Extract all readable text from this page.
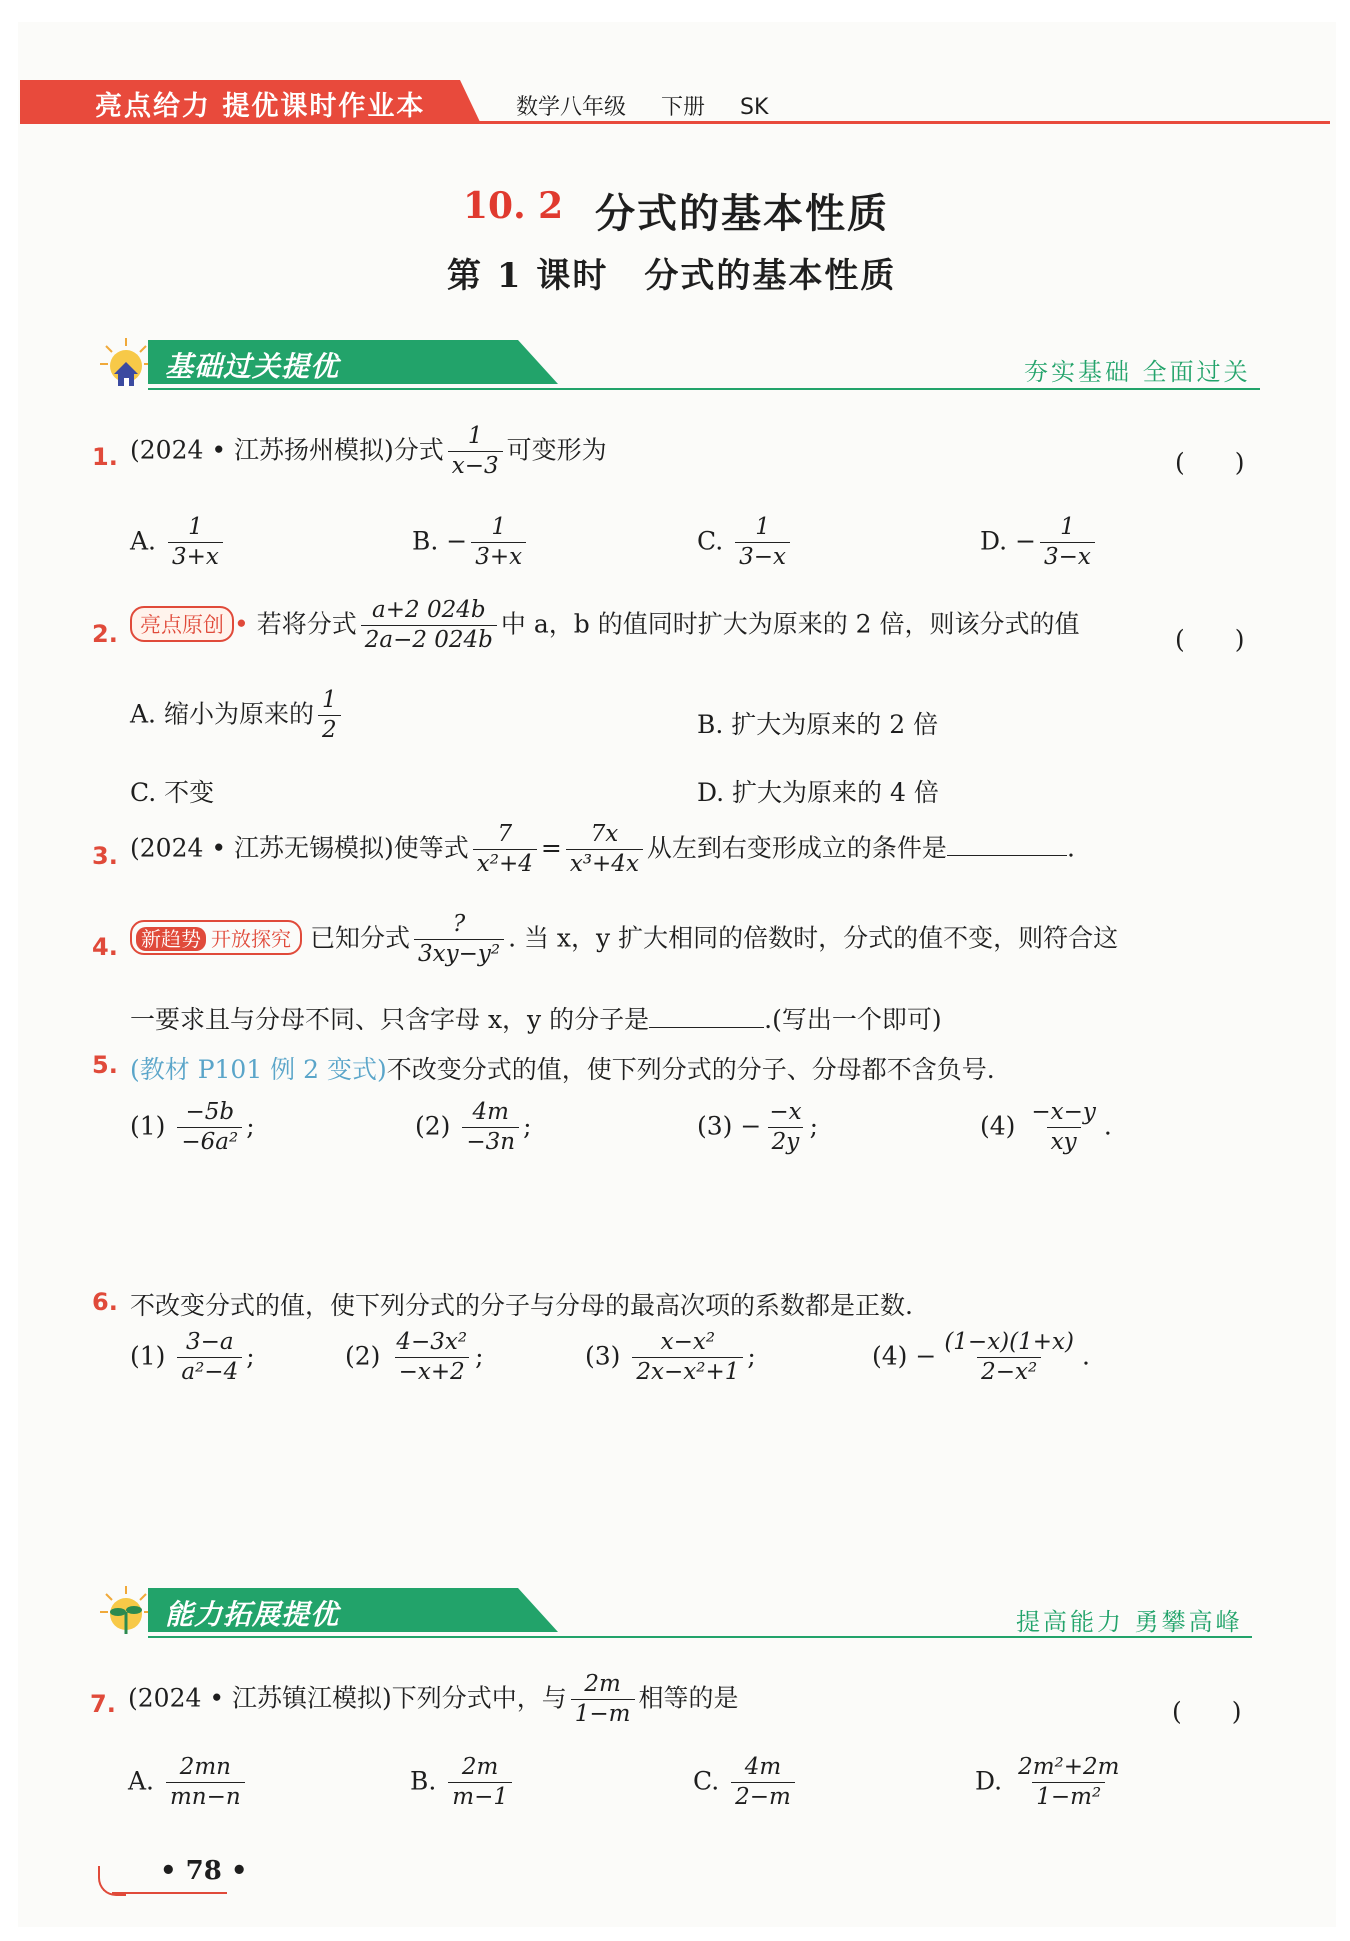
亮点给力 提优课时作业本	数学八年级 下册 SK
10. 2 分式的基本性质
第 1 课时　分式的基本性质
基础过关提优	夯实基础 全面过关
1. (2024 • 江苏扬州模拟)分式 $\frac{1}{x-3}$ 可变形为	(　　)
A. $\frac{1}{3+x}$	B. − $\frac{1}{3+x}$	C. $\frac{1}{3-x}$	D. − $\frac{1}{3-x}$
2.	亮点原创 • 若将分式 $\frac{a+2 024b}{2a-2 024b}$ 中 a，b 的值同时扩大为原来的 2 倍，则该分式的值
(　　)
A. 缩小为原来的 $\frac{1}{2}$	B. 扩大为原来的 2 倍
C. 不变	D. 扩大为原来的 4 倍
3. (2024 • 江苏无锡模拟)使等式 $\frac{7}{\text{x²+4}} = \frac{7x}{\text{x³+4x}}$ 从左到右变形成立的条件是	.
4.	新趋势 开放探究 已知分式 $\frac{?}{\text{3xy−y²}}$ . 当 x，y 扩大相同的倍数时，分式的值不变，则符合这
一要求且与分母不同、只含字母 x，y 的分子是	.(写出一个即可)
5. (教材 P101 例 2 变式)不改变分式的值，使下列分式的分子、分母都不含负号.
$(1) \frac{-5b}{\text{−6a²}}$ ;	$(2) \frac{4m}{-3n}$ ;	$(3) - \frac{-x}{2y}$ ;	$(4) \frac{-x-y}{xy}$ .
6. 不改变分式的值，使下列分式的分子与分母的最高次项的系数都是正数.
$(1) \frac{3-a}{\text{a²−4}}$ ;	$(2) \frac{\text{4−3x²}}{-x+2}$ ;	$(3) \frac{\text{x−x²}}{\text{2x−x²+1}}$ ;	$(4) - \frac{(1-x)(1+x)}{\text{2−x²}}$ .
能力拓展提优	提高能力 勇攀高峰
7. (2024 • 江苏镇江模拟)下列分式中，与 $\frac{2m}{1-m}$ 相等的是	(　　)
A. $\frac{2mn}{mn-n}$	B. $\frac{2m}{m-1}$	C. $\frac{4m}{2-m}$	D. $\frac{\text{2m²+2m}}{\text{1−m²}}$
• 78 •
